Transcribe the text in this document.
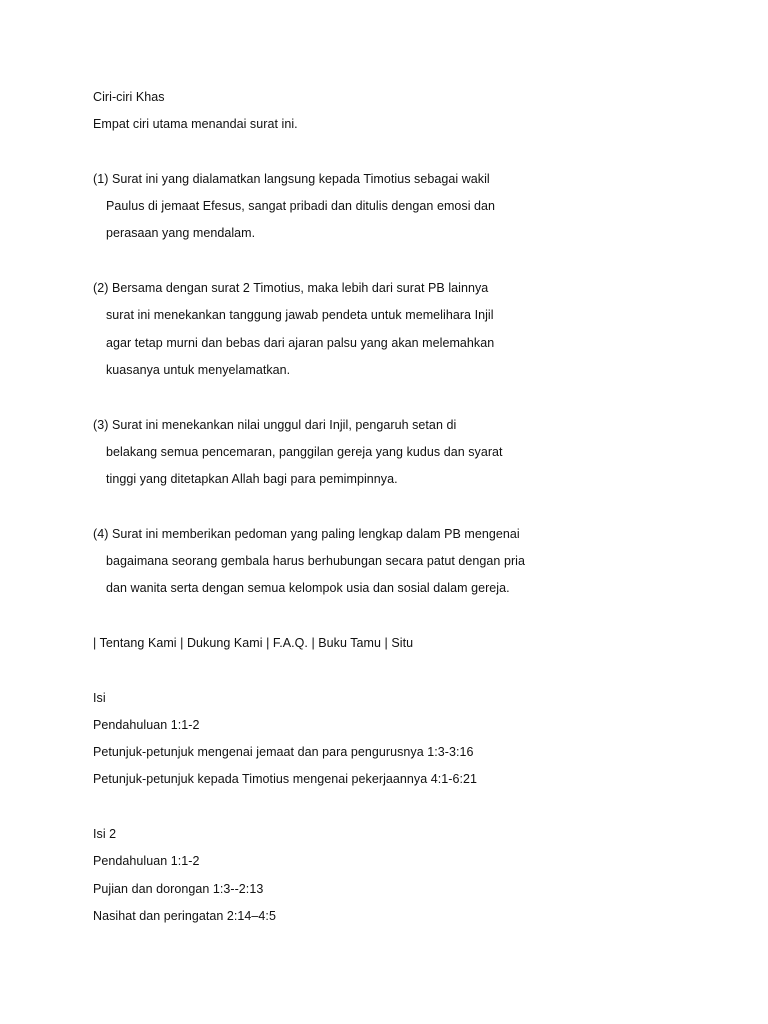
Ciri-ciri Khas
Empat ciri utama menandai surat ini.
(1) Surat ini yang dialamatkan langsung kepada Timotius sebagai wakil
Paulus di jemaat Efesus, sangat pribadi dan ditulis dengan emosi dan
perasaan yang mendalam.
(2) Bersama dengan surat 2 Timotius, maka lebih dari surat PB lainnya
surat ini menekankan tanggung jawab pendeta untuk memelihara Injil
agar tetap murni dan bebas dari ajaran palsu yang akan melemahkan
kuasanya untuk menyelamatkan.
(3) Surat ini menekankan nilai unggul dari Injil, pengaruh setan di
belakang semua pencemaran, panggilan gereja yang kudus dan syarat
tinggi yang ditetapkan Allah bagi para pemimpinnya.
(4) Surat ini memberikan pedoman yang paling lengkap dalam PB mengenai
bagaimana seorang gembala harus berhubungan secara patut dengan pria
dan wanita serta dengan semua kelompok usia dan sosial dalam gereja.
| Tentang Kami | Dukung Kami | F.A.Q. | Buku Tamu | Situ
Isi
Pendahuluan 1:1-2
Petunjuk-petunjuk mengenai jemaat dan para pengurusnya 1:3-3:16
Petunjuk-petunjuk kepada Timotius mengenai pekerjaannya 4:1-6:21
Isi 2
Pendahuluan 1:1-2
Pujian dan dorongan 1:3--2:13
Nasihat dan peringatan 2:14–4:5
